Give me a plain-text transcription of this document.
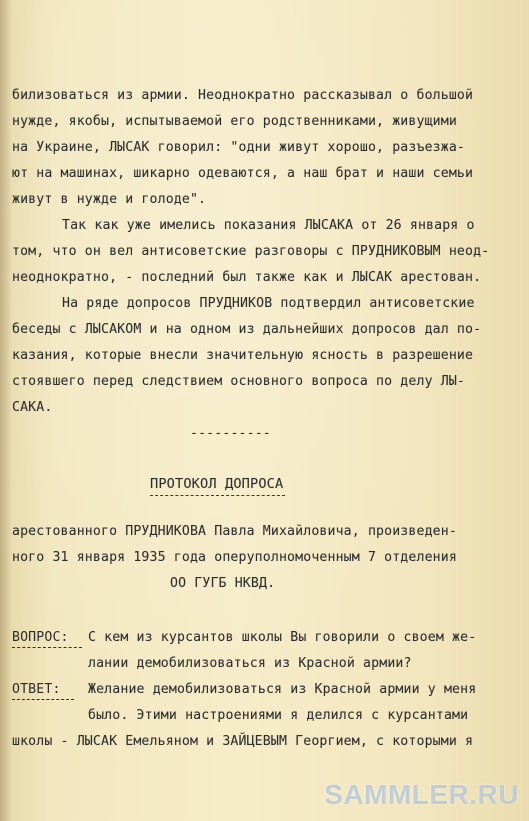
билизоваться из армии. Неоднократно рассказывал о большой
нужде, якобы, испытываемой его родственниками, живущими
на Украине, ЛЫСАК говорил: "одни живут хорошо, разъезжа-
ют на машинах, шикарно одеваются, а наш брат и наши семьи
живут в нужде и голоде".
Так как уже имелись показания ЛЫСАКА от 26 января о
том, что он вел антисоветские разговоры с ПРУДНИКОВЫМ неод-
неоднократно, - последний был также как и ЛЫСАК арестован.
На ряде допросов ПРУДНИКОВ подтвердил антисоветские
беседы с ЛЫСАКОМ и на одном из дальнейших допросов дал по-
казания, которые внесли значительную ясность в разрешение
стоявшего перед следствием основного вопроса по делу ЛЫ-
САКА.
----------
ПРОТОКОЛ ДОПРОСА
арестованного ПРУДНИКОВА Павла Михайловича, произведен-
ного 31 января 1935 года оперуполномоченным 7 отделения
ОО ГУГБ НКВД.
ВОПРОС: С кем из курсантов школы Вы говорили о своем же-
лании демобилизоваться из Красной армии?
ОТВЕТ: Желание демобилизоваться из Красной армии у меня
было. Этими настроениями я делился с курсантами
школы - ЛЫСАК Емельяном и ЗАЙЦЕВЫМ Георгием, с которыми я
SAMMLER.RU
